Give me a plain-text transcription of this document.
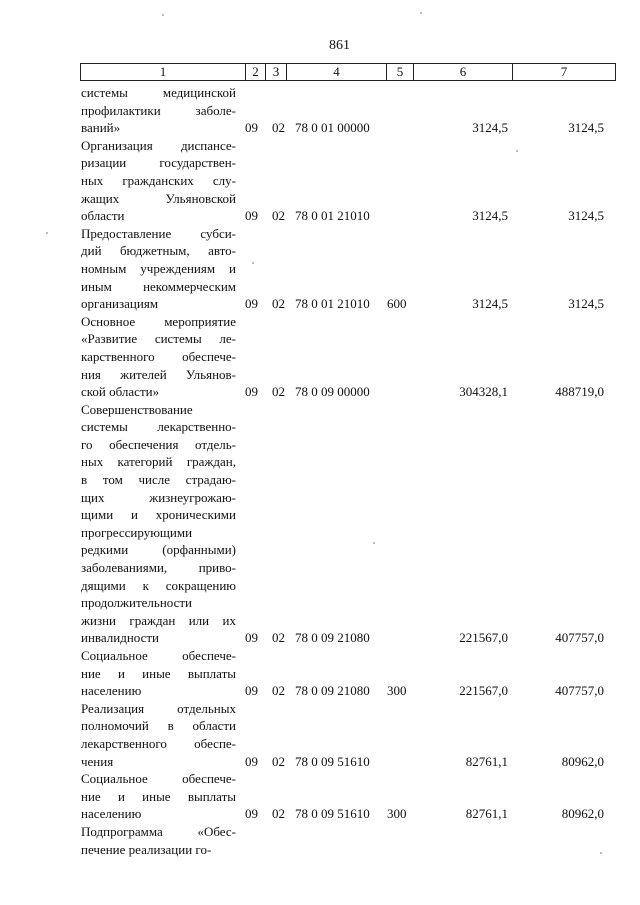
861
1	2	3	4	5	6	7
системы медицинской
профилактики заболе-
ваний»	09 02 78 0 01 00000	3124,5	3124,5
Организация диспансе-
ризации государствен-
ных гражданских слу-
жащих Ульяновской
области	09 02 78 0 01 21010	3124,5	3124,5
Предоставление субси-
дий бюджетным, авто-
номным учреждениям и
иным некоммерческим
организациям	09 02 78 0 01 21010 600	3124,5	3124,5
Основное мероприятие
«Развитие системы ле-
карственного обеспече-
ния жителей Ульянов-
ской области»	09 02 78 0 09 00000	304328,1	488719,0
Совершенствование
системы лекарственно-
го обеспечения отдель-
ных категорий граждан,
в том числе страдаю-
щих жизнеугрожаю-
щими и хроническими
прогрессирующими
редкими (орфанными)
заболеваниями, приво-
дящими к сокращению
продолжительности
жизни граждан или их
инвалидности	09 02 78 0 09 21080	221567,0	407757,0
Социальное обеспече-
ние и иные выплаты
населению	09 02 78 0 09 21080 300	221567,0	407757,0
Реализация отдельных
полномочий в области
лекарственного обеспе-
чения	09 02 78 0 09 51610	82761,1	80962,0
Социальное обеспече-
ние и иные выплаты
населению	09 02 78 0 09 51610 300	82761,1	80962,0
Подпрограмма «Обес-
печение реализации го-
